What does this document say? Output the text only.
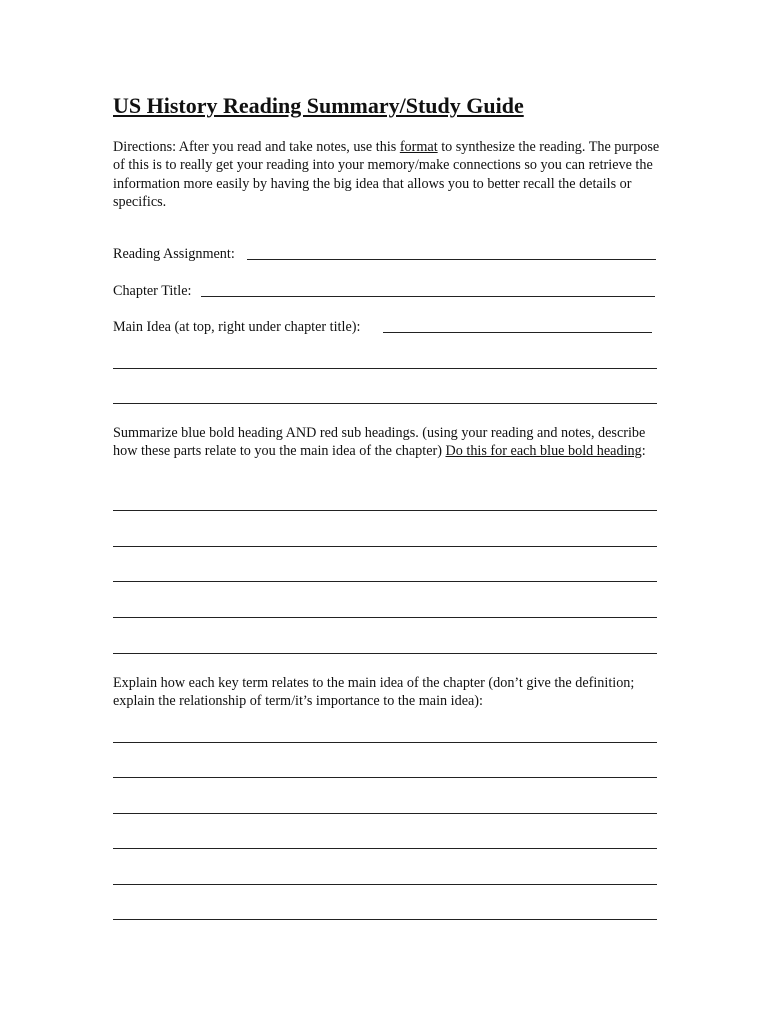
US History Reading Summary/Study Guide
Directions: After you read and take notes, use this format to synthesize the reading. The purpose of this is to really get your reading into your memory/make connections so you can retrieve the information more easily by having the big idea that allows you to better recall the details or specifics.
Reading Assignment:
Chapter Title:
Main Idea (at top, right under chapter title):
Summarize blue bold heading AND red sub headings. (using your reading and notes, describe how these parts relate to you the main idea of the chapter) Do this for each blue bold heading:
Explain how each key term relates to the main idea of the chapter (don’t give the definition; explain the relationship of term/it’s importance to the main idea):
